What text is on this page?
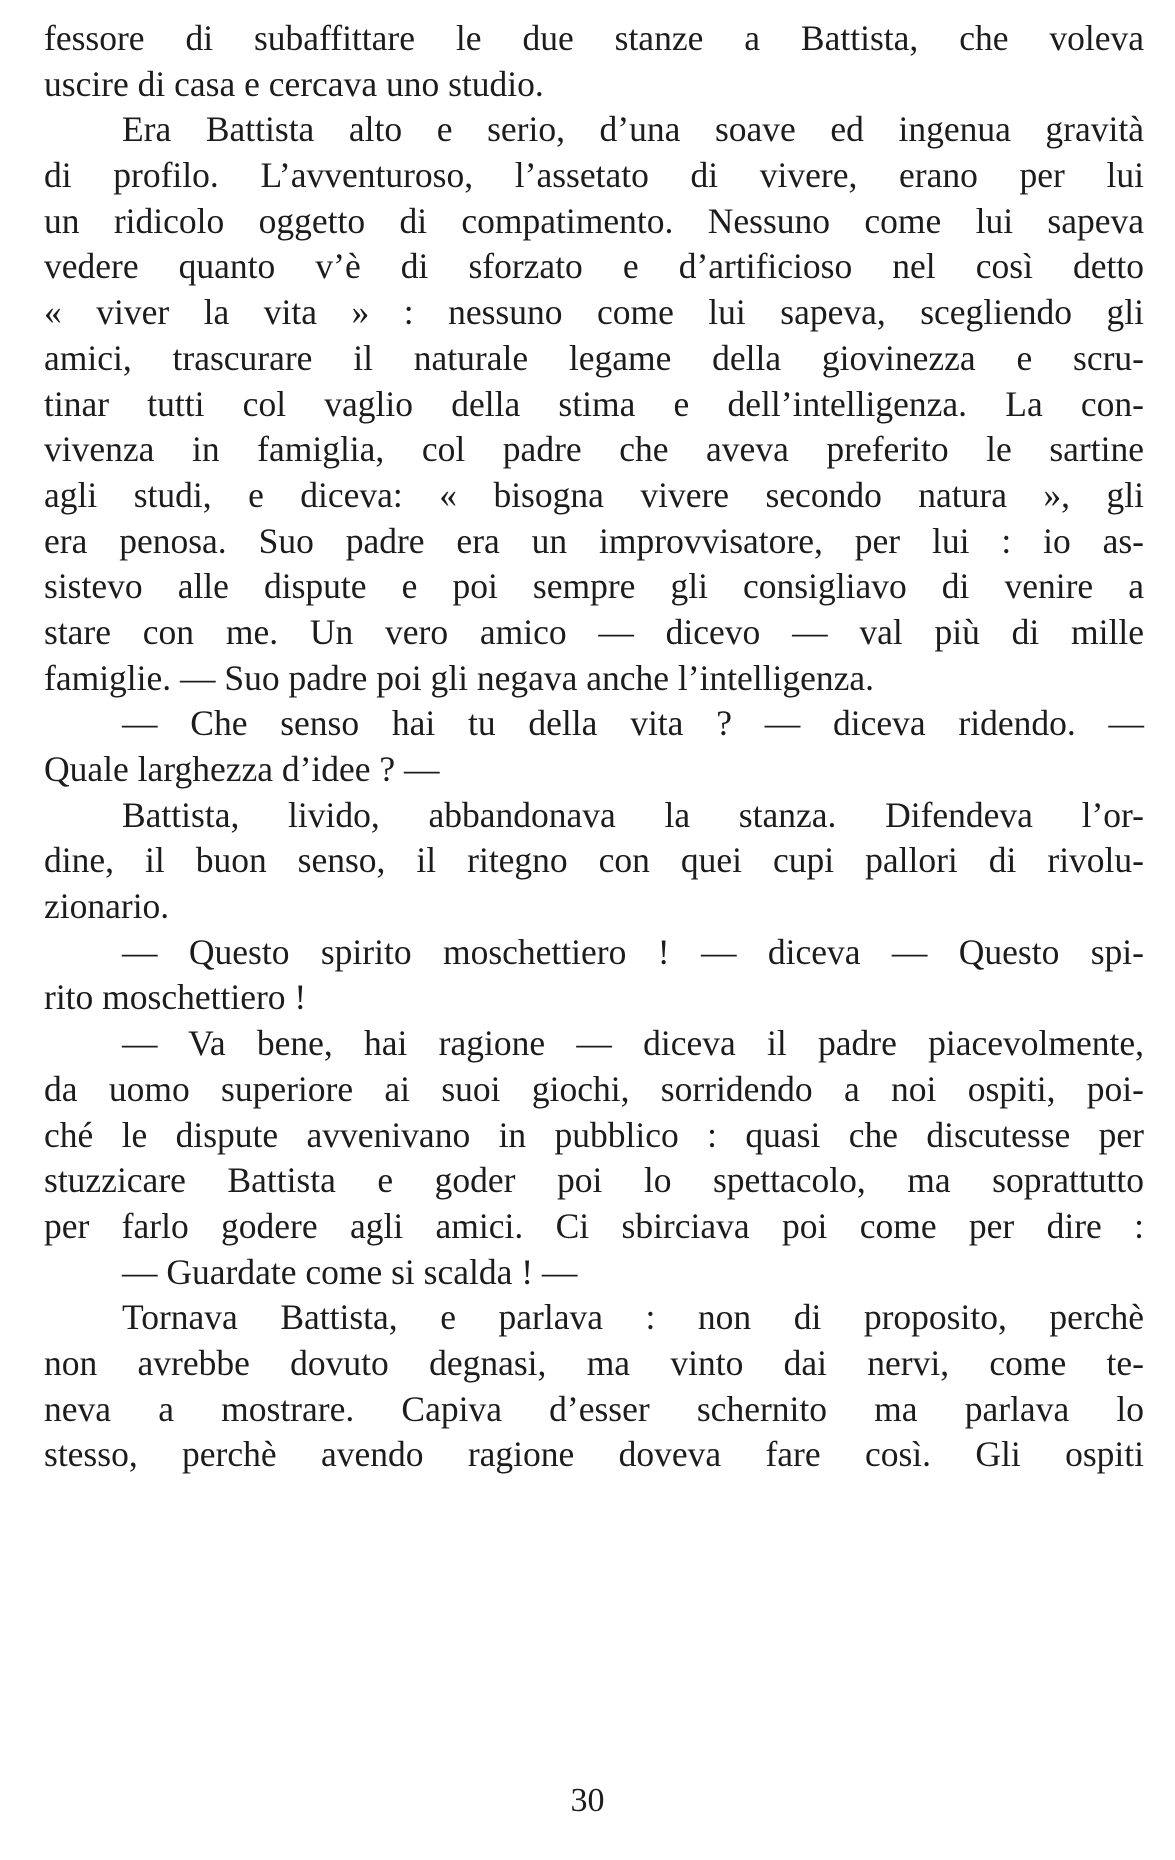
fessore di subaffittare le due stanze a Battista, che voleva
uscire di casa e cercava uno studio.
Era Battista alto e serio, d’una soave ed ingenua gravità
di profilo. L’avventuroso, l’assetato di vivere, erano per lui
un ridicolo oggetto di compatimento. Nessuno come lui sapeva
vedere quanto v’è di sforzato e d’artificioso nel così detto
« viver la vita » : nessuno come lui sapeva, scegliendo gli
amici, trascurare il naturale legame della giovinezza e scru-
tinar tutti col vaglio della stima e dell’intelligenza. La con-
vivenza in famiglia, col padre che aveva preferito le sartine
agli studi, e diceva: « bisogna vivere secondo natura », gli
era penosa. Suo padre era un improvvisatore, per lui : io as-
sistevo alle dispute e poi sempre gli consigliavo di venire a
stare con me. Un vero amico — dicevo — val più di mille
famiglie. — Suo padre poi gli negava anche l’intelligenza.
— Che senso hai tu della vita ? — diceva ridendo. —
Quale larghezza d’idee ? —
Battista, livido, abbandonava la stanza. Difendeva l’or-
dine, il buon senso, il ritegno con quei cupi pallori di rivolu-
zionario.
— Questo spirito moschettiero ! — diceva — Questo spi-
rito moschettiero !
— Va bene, hai ragione — diceva il padre piacevolmente,
da uomo superiore ai suoi giochi, sorridendo a noi ospiti, poi-
ché le dispute avvenivano in pubblico : quasi che discutesse per
stuzzicare Battista e goder poi lo spettacolo, ma soprattutto
per farlo godere agli amici. Ci sbirciava poi come per dire :
— Guardate come si scalda ! —
Tornava Battista, e parlava : non di proposito, perchè
non avrebbe dovuto degnasi, ma vinto dai nervi, come te-
neva a mostrare. Capiva d’esser schernito ma parlava lo
stesso, perchè avendo ragione doveva fare così. Gli ospiti
30
